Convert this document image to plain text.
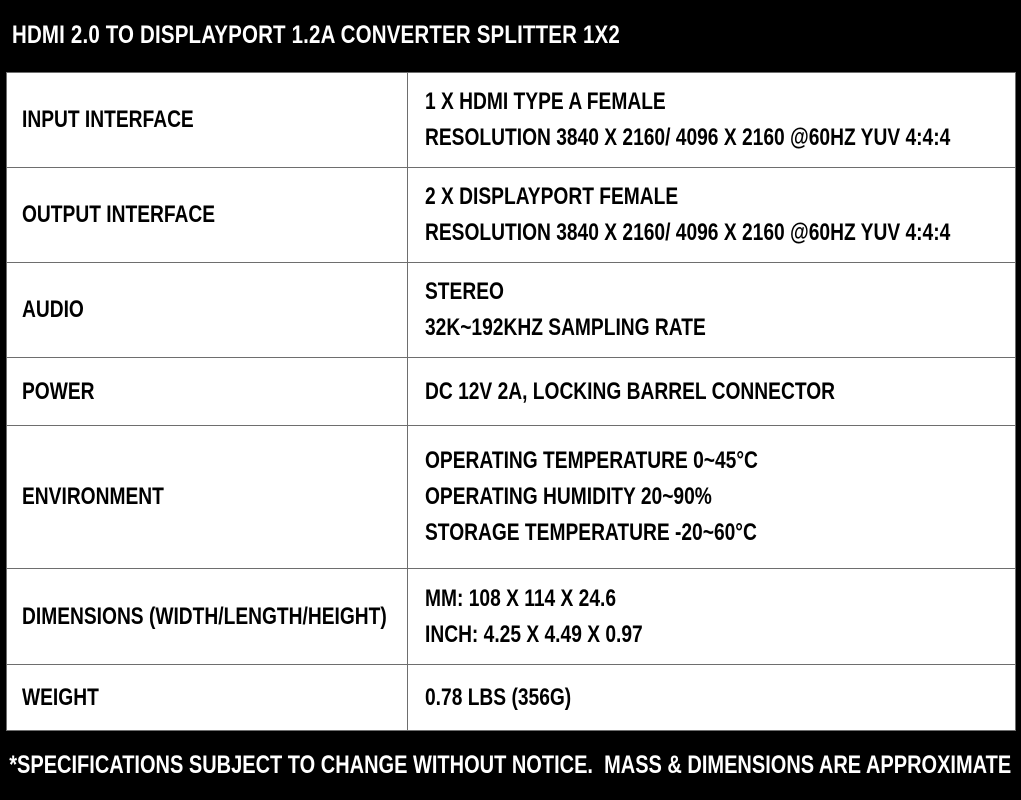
HDMI 2.0 TO DISPLAYPORT 1.2A CONVERTER SPLITTER 1X2
INPUT INTERFACE	1 X HDMI TYPE A FEMALE
RESOLUTION 3840 X 2160/ 4096 X 2160 @60HZ YUV 4:4:4

OUTPUT INTERFACE	2 X DISPLAYPORT FEMALE
RESOLUTION 3840 X 2160/ 4096 X 2160 @60HZ YUV 4:4:4

AUDIO	STEREO
32K~192KHZ SAMPLING RATE

POWER	DC 12V 2A, LOCKING BARREL CONNECTOR

ENVIRONMENT	OPERATING TEMPERATURE 0~45°C
OPERATING HUMIDITY 20~90%
STORAGE TEMPERATURE -20~60°C

DIMENSIONS (WIDTH/LENGTH/HEIGHT)	MM: 108 X 114 X 24.6
INCH: 4.25 X 4.49 X 0.97

WEIGHT	0.78 LBS (356G)
*SPECIFICATIONS SUBJECT TO CHANGE WITHOUT NOTICE.  MASS & DIMENSIONS ARE APPROXIMATE
